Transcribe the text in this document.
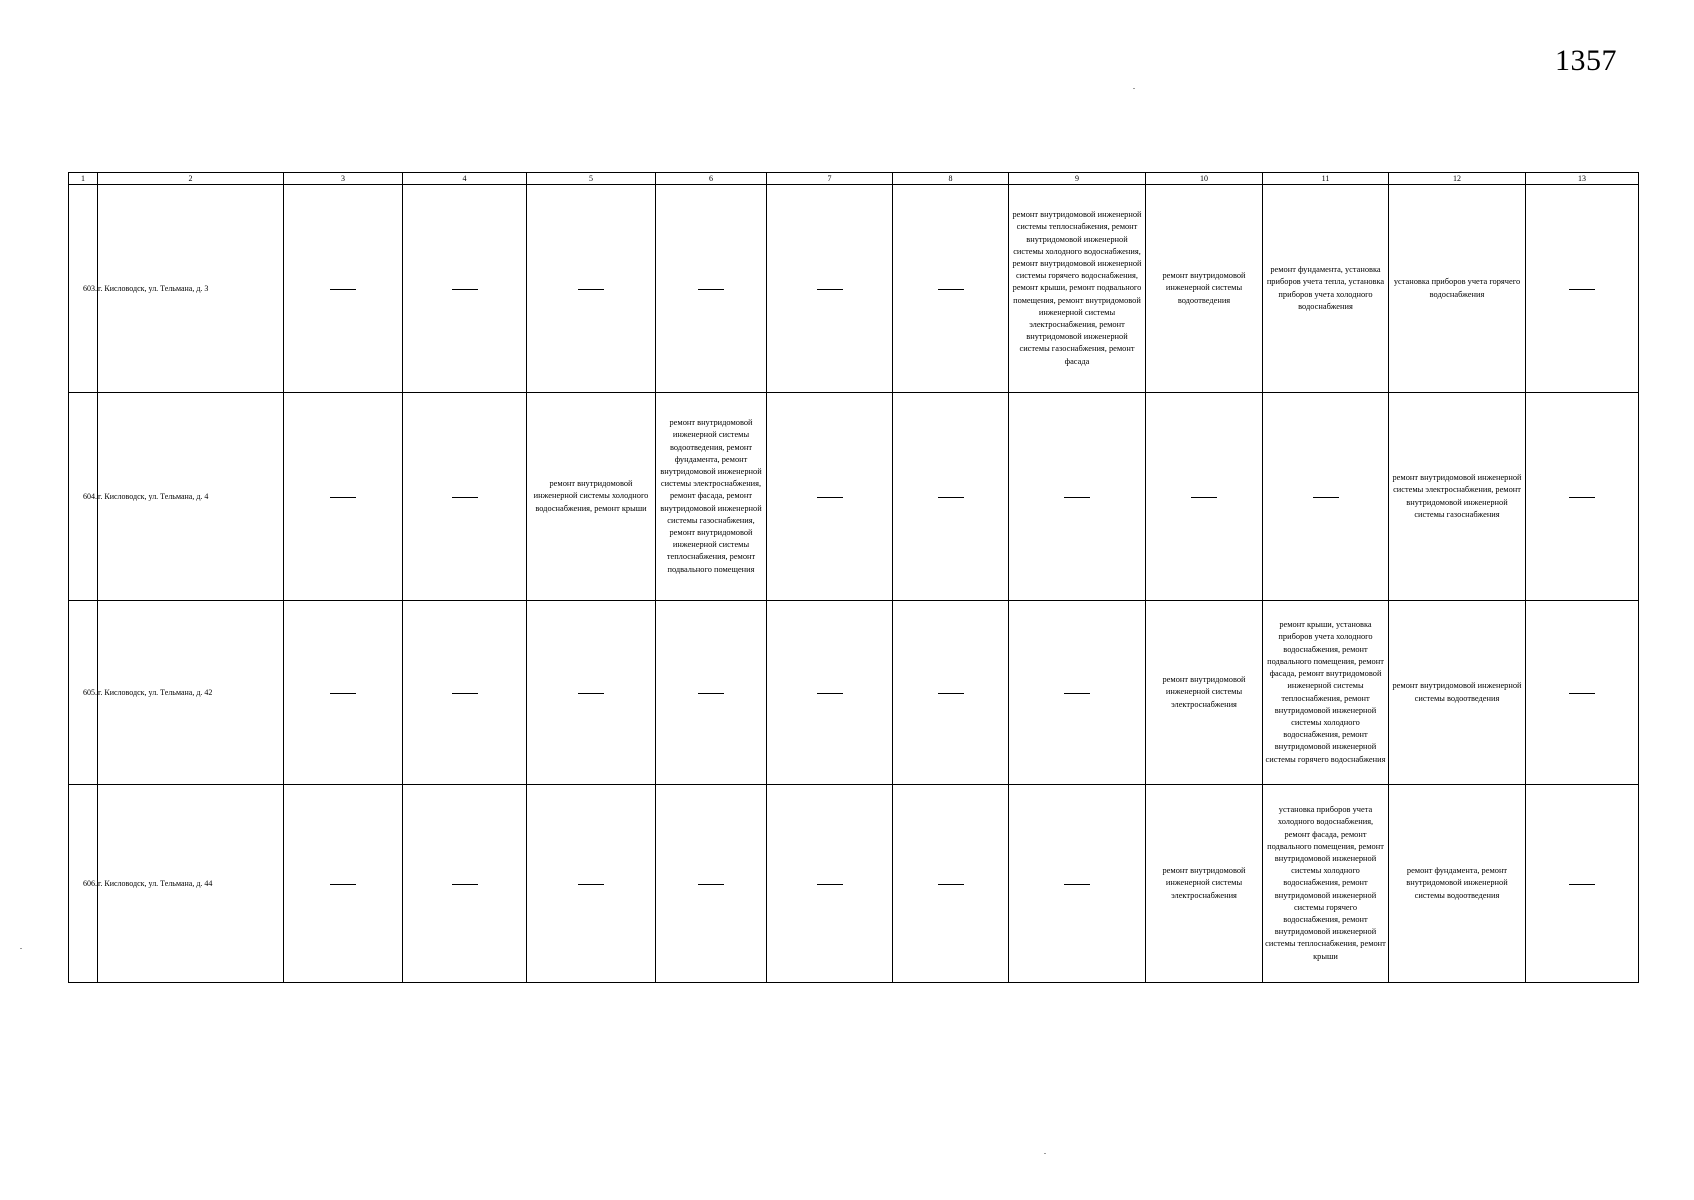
1357
1	2	3	4	5	6	7	8	9	10	11	12	13
603.	г. Кисловодск, ул. Тельмана, д. 3							ремонт внутридомовой инженерной системы теплоснабжения, ремонт внутридомовой инженерной системы холодного водоснабжения, ремонт внутридомовой инженерной системы горячего водоснабжения, ремонт крыши, ремонт подвального помещения, ремонт внутридомовой инженерной системы электроснабжения, ремонт внутридомовой инженерной системы газоснабжения, ремонт фасада	ремонт внутридомовой инженерной системы водоотведения	ремонт фундамента, установка приборов учета тепла, установка приборов учета холодного водоснабжения	установка приборов учета горячего водоснабжения	

604.	г. Кисловодск, ул. Тельмана, д. 4			ремонт внутридомовой инженерной системы холодного водоснабжения, ремонт крыши	ремонт внутридомовой инженерной системы водоотведения, ремонт фундамента, ремонт внутридомовой инженерной системы электроснабжения, ремонт фасада, ремонт внутридомовой инженерной системы газоснабжения, ремонт внутридомовой инженерной системы теплоснабжения, ремонт подвального помещения						ремонт внутридомовой инженерной системы электроснабжения, ремонт внутридомовой инженерной системы газоснабжения	

605.	г. Кисловодск, ул. Тельмана, д. 42								ремонт внутридомовой инженерной системы электроснабжения	ремонт крыши, установка приборов учета холодного водоснабжения, ремонт подвального помещения, ремонт фасада, ремонт внутридомовой инженерной системы теплоснабжения, ремонт внутридомовой инженерной системы холодного водоснабжения, ремонт внутридомовой инженерной системы горячего водоснабжения	ремонт внутридомовой инженерной системы водоотведения	

606.	г. Кисловодск, ул. Тельмана, д. 44								ремонт внутридомовой инженерной системы электроснабжения	установка приборов учета холодного водоснабжения, ремонт фасада, ремонт подвального помещения, ремонт внутридомовой инженерной системы холодного водоснабжения, ремонт внутридомовой инженерной системы горячего водоснабжения, ремонт внутридомовой инженерной системы теплоснабжения, ремонт крыши	ремонт фундамента, ремонт внутридомовой инженерной системы водоотведения	
